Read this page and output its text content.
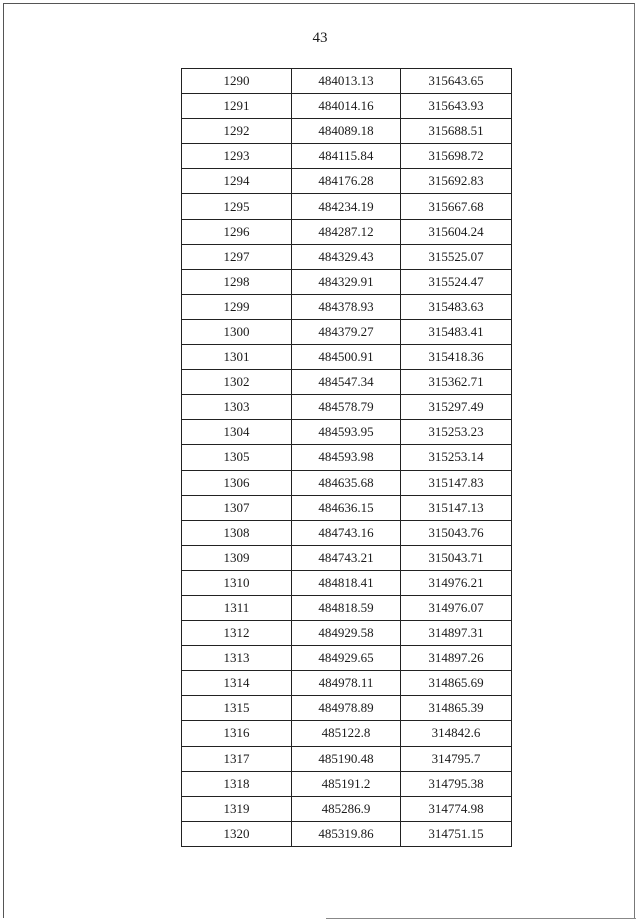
43
1290	484013.13	315643.65
1291	484014.16	315643.93
1292	484089.18	315688.51
1293	484115.84	315698.72
1294	484176.28	315692.83
1295	484234.19	315667.68
1296	484287.12	315604.24
1297	484329.43	315525.07
1298	484329.91	315524.47
1299	484378.93	315483.63
1300	484379.27	315483.41
1301	484500.91	315418.36
1302	484547.34	315362.71
1303	484578.79	315297.49
1304	484593.95	315253.23
1305	484593.98	315253.14
1306	484635.68	315147.83
1307	484636.15	315147.13
1308	484743.16	315043.76
1309	484743.21	315043.71
1310	484818.41	314976.21
1311	484818.59	314976.07
1312	484929.58	314897.31
1313	484929.65	314897.26
1314	484978.11	314865.69
1315	484978.89	314865.39
1316	485122.8	314842.6
1317	485190.48	314795.7
1318	485191.2	314795.38
1319	485286.9	314774.98
1320	485319.86	314751.15
